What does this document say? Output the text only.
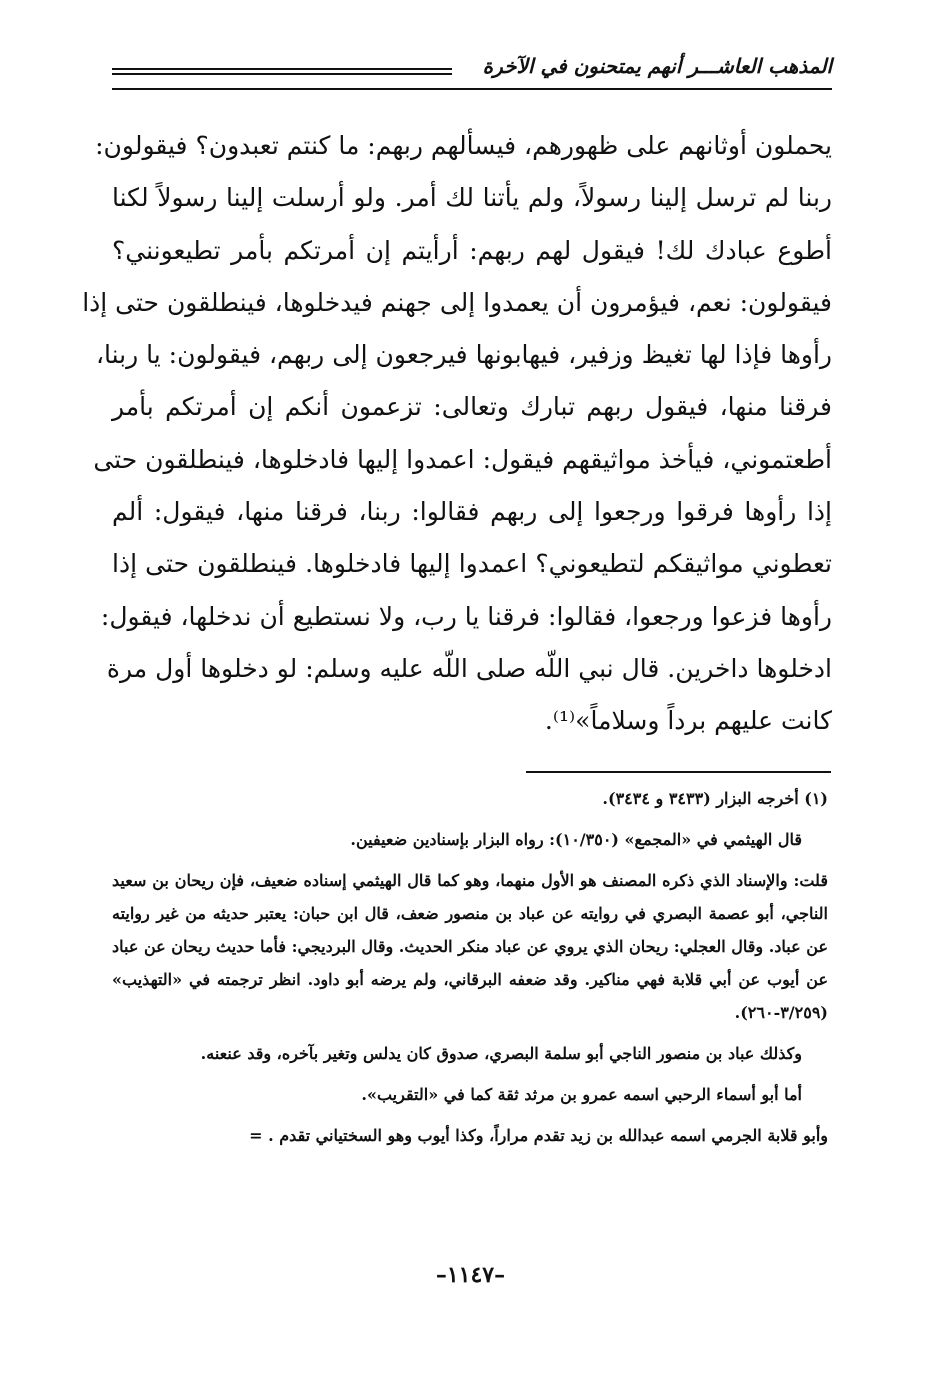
المذهب العاشـــر أنهم يمتحنون في الآخرة
يحملون أوثانهم على ظهورهم، فيسألهم ربهم: ما كنتم تعبدون؟ فيقولون:
ربنا لم ترسل إلينا رسولاً، ولم يأتنا لك أمر. ولو أرسلت إلينا رسولاً لكنا
أطوع عبادك لك! فيقول لهم ربهم: أرأيتم إن أمرتكم بأمر تطيعونني؟
فيقولون: نعم، فيؤمرون أن يعمدوا إلى جهنم فيدخلوها، فينطلقون حتى إذا
رأوها فإذا لها تغيظ وزفير، فيهابونها فيرجعون إلى ربهم، فيقولون: يا ربنا،
فرقنا منها، فيقول ربهم تبارك وتعالى: تزعمون أنكم إن أمرتكم بأمر
أطعتموني، فيأخذ مواثيقهم فيقول: اعمدوا إليها فادخلوها، فينطلقون حتى
إذا رأوها فرقوا ورجعوا إلى ربهم فقالوا: ربنا، فرقنا منها، فيقول: ألم
تعطوني مواثيقكم لتطيعوني؟ اعمدوا إليها فادخلوها. فينطلقون حتى إذا
رأوها فزعوا ورجعوا، فقالوا: فرقنا يا رب، ولا نستطيع أن ندخلها، فيقول:
ادخلوها داخرين. قال نبي اللّه صلى اللّه عليه وسلم: لو دخلوها أول مرة
كانت عليهم برداً وسلاماً»⁽¹⁾.

(١) أخرجه البزار (٣٤٣٣ و ٣٤٣٤).

قال الهيثمي في «المجمع» (١٠/٣٥٠): رواه البزار بإسنادين ضعيفين.

قلت: والإسناد الذي ذكره المصنف هو الأول منهما، وهو كما قال الهيثمي إسناده ضعيف، فإن ريحان بن سعيد الناجي، أبو عصمة البصري في روايته عن عباد بن منصور ضعف، قال ابن حبان: يعتبر حديثه من غير روايته عن عباد. وقال العجلي: ريحان الذي يروي عن عباد منكر الحديث. وقال البرديجي: فأما حديث ريحان عن عباد عن أيوب عن أبي قلابة فهي مناكير. وقد ضعفه البرقاني، ولم يرضه أبو داود. انظر ترجمته في «التهذيب» (٣/٢٥٩-٢٦٠).

وكذلك عباد بن منصور الناجي أبو سلمة البصري، صدوق كان يدلس وتغير بآخره، وقد عنعنه.

أما أبو أسماء الرحبي اسمه عمرو بن مرثد ثقة كما في «التقريب».

وأبو قلابة الجرمي اسمه عبدالله بن زيد تقدم مراراً، وكذا أيوب وهو السختياني تقدم . =

–١١٤٧–
